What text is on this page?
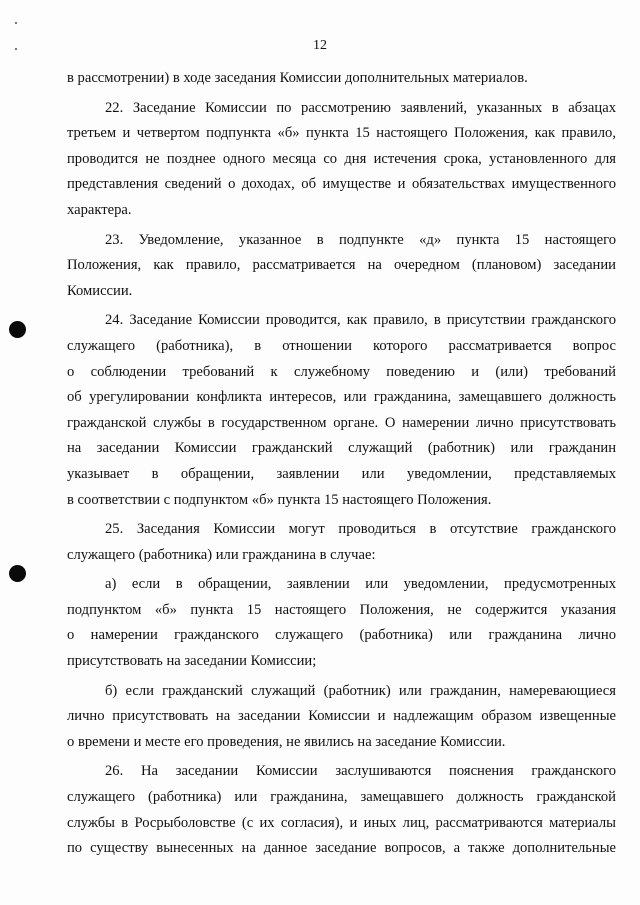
12
в рассмотрении) в ходе заседания Комиссии дополнительных материалов.
22. Заседание Комиссии по рассмотрению заявлений, указанных в абзацах
третьем и четвертом подпункта «б» пункта 15 настоящего Положения, как правило,
проводится не позднее одного месяца со дня истечения срока, установленного для
представления сведений о доходах, об имуществе и обязательствах имущественного
характера.
23. Уведомление, указанное в подпункте «д» пункта 15 настоящего
Положения, как правило, рассматривается на очередном (плановом) заседании
Комиссии.
24. Заседание Комиссии проводится, как правило, в присутствии гражданского
служащего (работника), в отношении которого рассматривается вопрос
о соблюдении требований к служебному поведению и (или) требований
об урегулировании конфликта интересов, или гражданина, замещавшего должность
гражданской службы в государственном органе. О намерении лично присутствовать
на заседании Комиссии гражданский служащий (работник) или гражданин
указывает в обращении, заявлении или уведомлении, представляемых
в соответствии с подпунктом «б» пункта 15 настоящего Положения.
25. Заседания Комиссии могут проводиться в отсутствие гражданского
служащего (работника) или гражданина в случае:
а) если в обращении, заявлении или уведомлении, предусмотренных
подпунктом «б» пункта 15 настоящего Положения, не содержится указания
о намерении гражданского служащего (работника) или гражданина лично
присутствовать на заседании Комиссии;
б) если гражданский служащий (работник) или гражданин, намеревающиеся
лично присутствовать на заседании Комиссии и надлежащим образом извещенные
о времени и месте его проведения, не явились на заседание Комиссии.
26. На заседании Комиссии заслушиваются пояснения гражданского
служащего (работника) или гражданина, замещавшего должность гражданской
службы в Росрыболовстве (с их согласия), и иных лиц, рассматриваются материалы
по существу вынесенных на данное заседание вопросов, а также дополнительные
